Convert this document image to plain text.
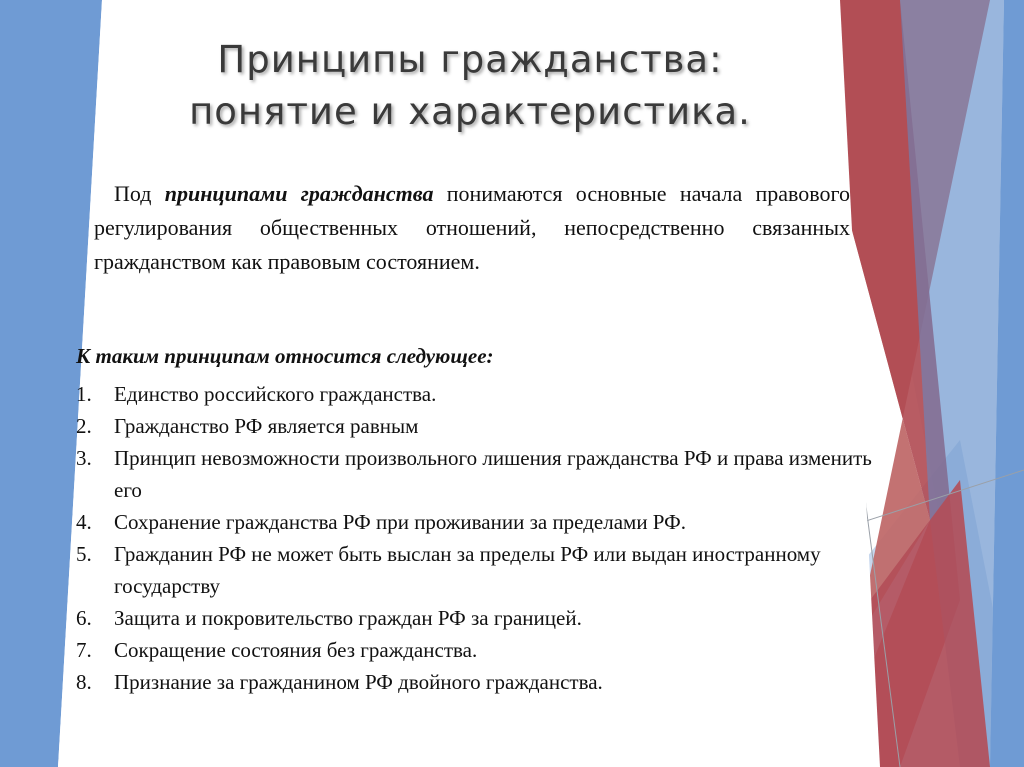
Принципы гражданства:
понятие и характеристика.
Под принципами гражданства понимаются основные начала правового регулирования общественных отношений, непосредственно связанных гражданством как правовым состоянием.
К таким принципам относится следующее:
1. Единство российского гражданства.
2. Гражданство РФ является равным
3. Принцип невозможности произвольного лишения гражданства РФ и права изменить его
4. Сохранение гражданства РФ при проживании за пределами РФ.
5. Гражданин РФ не может быть выслан за пределы РФ или выдан иностранному государству
6. Защита и покровительство граждан РФ за границей.
7. Сокращение состояния без гражданства.
8. Признание за гражданином РФ двойного гражданства.
